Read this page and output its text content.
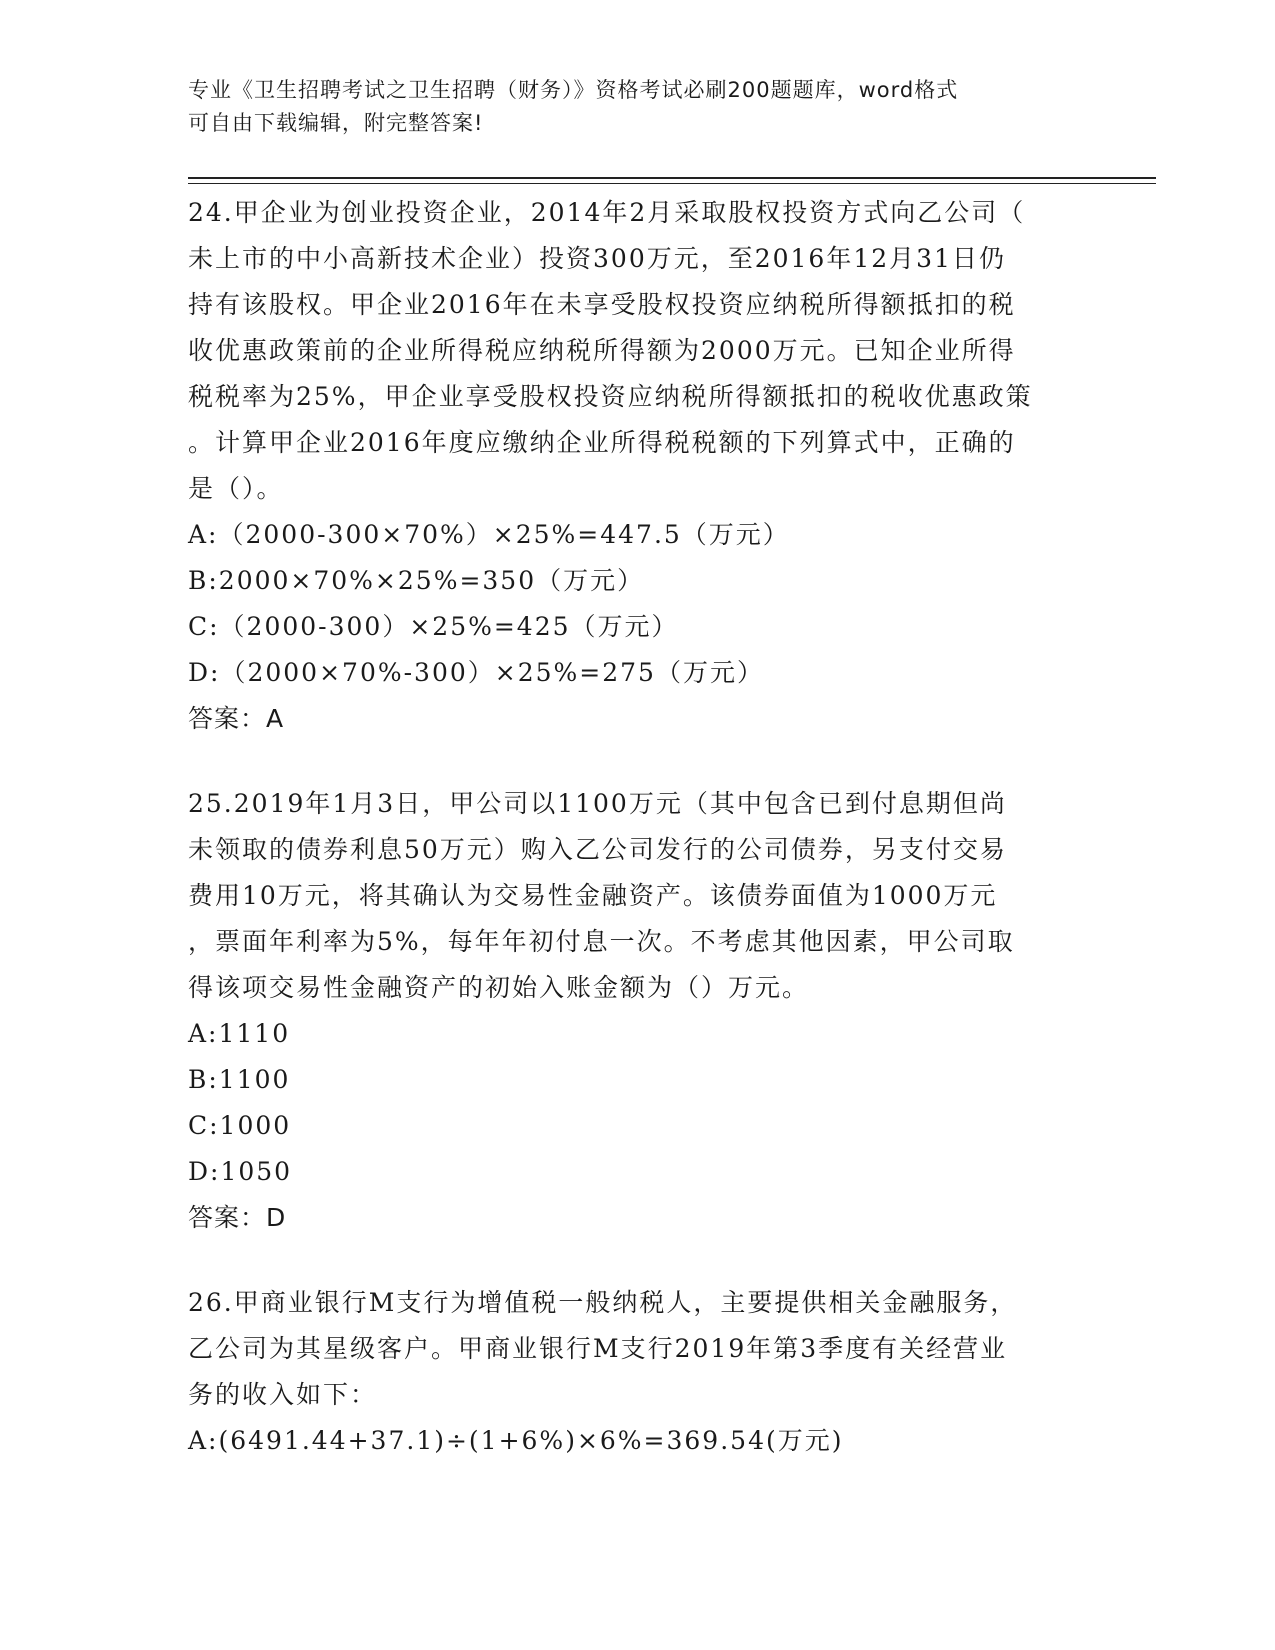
专业《卫生招聘考试之卫生招聘（财务）》资格考试必刷200题题库，word格式
可自由下载编辑，附完整答案!
24.甲企业为创业投资企业，2014年2月采取股权投资方式向乙公司（
未上市的中小高新技术企业）投资300万元，至2016年12月31日仍
持有该股权。甲企业2016年在未享受股权投资应纳税所得额抵扣的税
收优惠政策前的企业所得税应纳税所得额为2000万元。已知企业所得
税税率为25%，甲企业享受股权投资应纳税所得额抵扣的税收优惠政策
。计算甲企业2016年度应缴纳企业所得税税额的下列算式中，正确的
是（）。
A:（2000-300×70%）×25%=447.5（万元）
B:2000×70%×25%=350（万元）
C:（2000-300）×25%=425（万元）
D:（2000×70%-300）×25%=275（万元）
答案：A
25.2019年1月3日，甲公司以1100万元（其中包含已到付息期但尚
未领取的债券利息50万元）购入乙公司发行的公司债券，另支付交易
费用10万元，将其确认为交易性金融资产。该债券面值为1000万元
，票面年利率为5%，每年年初付息一次。不考虑其他因素，甲公司取
得该项交易性金融资产的初始入账金额为（）万元。
A:1110
B:1100
C:1000
D:1050
答案：D
26.甲商业银行M支行为增值税一般纳税人，主要提供相关金融服务，
乙公司为其星级客户。甲商业银行M支行2019年第3季度有关经营业
务的收入如下：
A:(6491.44+37.1)÷(1+6%)×6%=369.54(万元)
